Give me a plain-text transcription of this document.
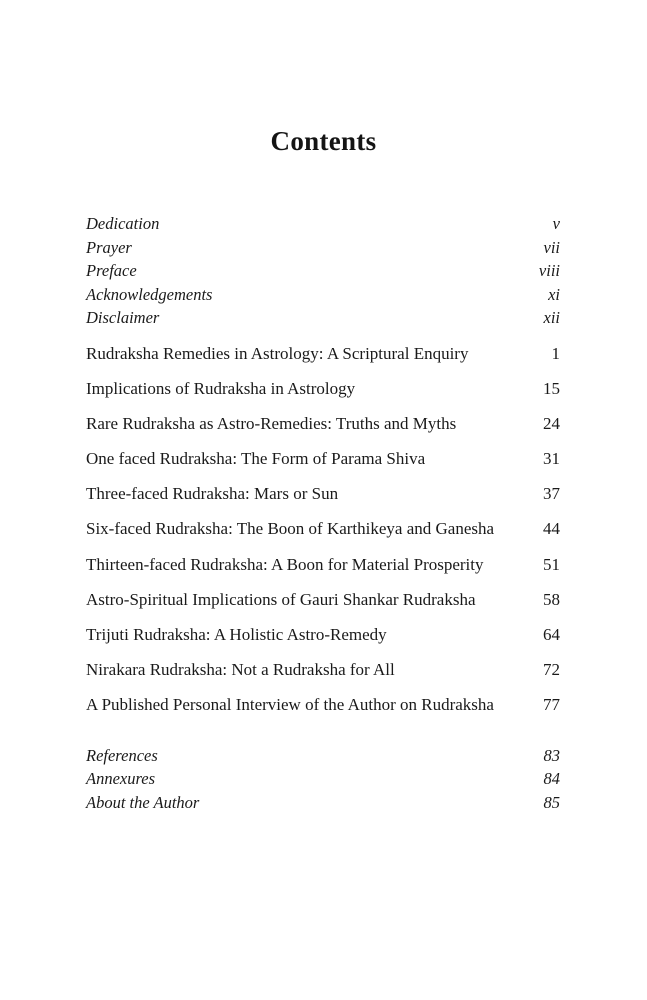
Contents
Dedication	v
Prayer	vii
Preface	viii
Acknowledgements	xi
Disclaimer	xii
Rudraksha Remedies in Astrology: A Scriptural Enquiry	1
Implications of Rudraksha in Astrology	15
Rare Rudraksha as Astro-Remedies: Truths and Myths	24
One faced Rudraksha: The Form of Parama Shiva	31
Three-faced Rudraksha: Mars or Sun	37
Six-faced Rudraksha: The Boon of Karthikeya and Ganesha	44
Thirteen-faced Rudraksha: A Boon for Material Prosperity	51
Astro-Spiritual Implications of Gauri Shankar Rudraksha	58
Trijuti Rudraksha: A Holistic Astro-Remedy	64
Nirakara Rudraksha: Not a Rudraksha for All	72
A Published Personal Interview of the Author on Rudraksha	77
References	83
Annexures	84
About the Author	85
